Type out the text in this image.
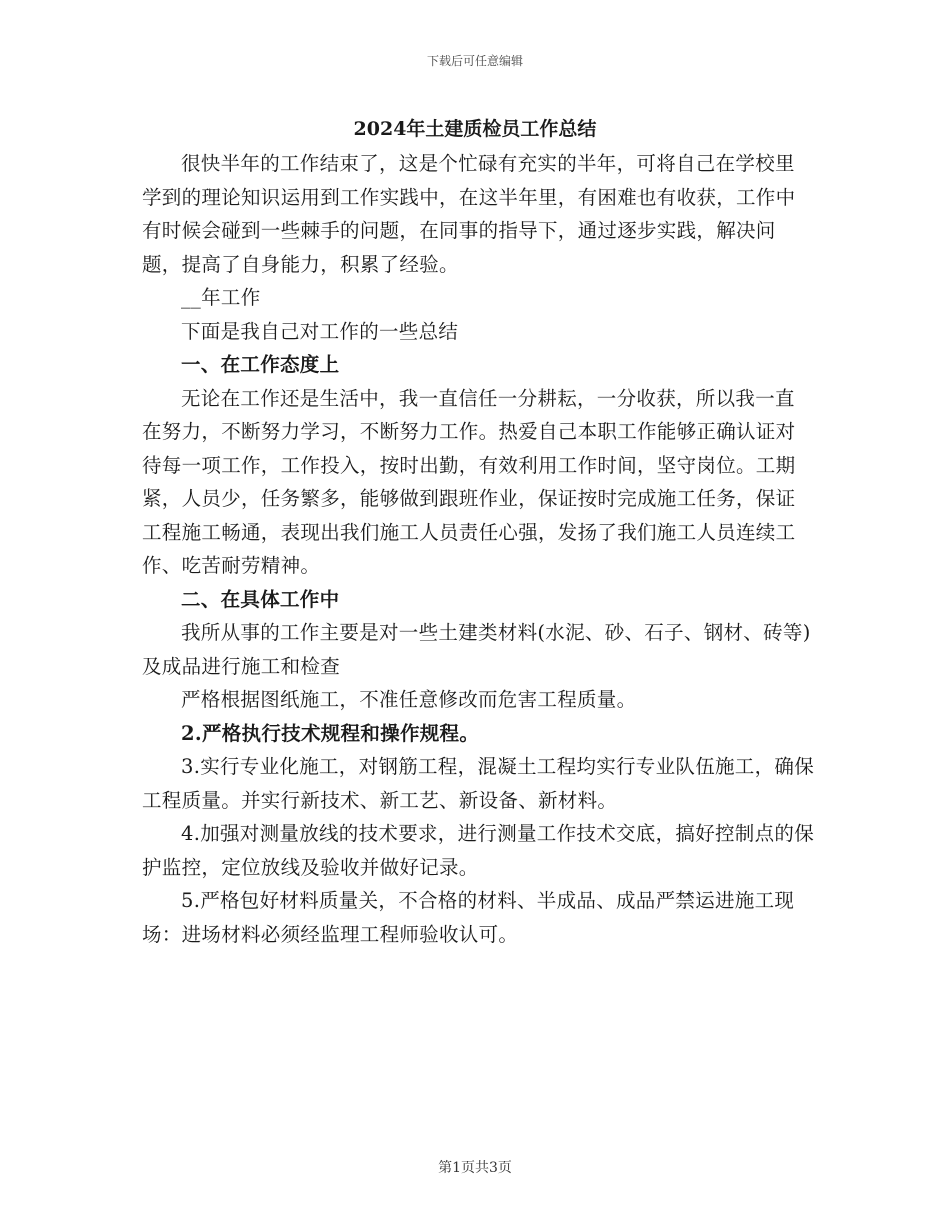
下载后可任意编辑
2024年土建质检员工作总结

很快半年的工作结束了，这是个忙碌有充实的半年，可将自己在学校里学到的理论知识运用到工作实践中，在这半年里，有困难也有收获，工作中有时候会碰到一些棘手的问题，在同事的指导下，通过逐步实践，解决问题，提高了自身能力，积累了经验。

__年工作

下面是我自己对工作的一些总结

一、在工作态度上

无论在工作还是生活中，我一直信任一分耕耘，一分收获，所以我一直在努力，不断努力学习，不断努力工作。热爱自己本职工作能够正确认证对待每一项工作，工作投入，按时出勤，有效利用工作时间，坚守岗位。工期紧，人员少，任务繁多，能够做到跟班作业，保证按时完成施工任务，保证工程施工畅通，表现出我们施工人员责任心强，发扬了我们施工人员连续工作、吃苦耐劳精神。

二、在具体工作中

我所从事的工作主要是对一些土建类材料(水泥、砂、石子、钢材、砖等)及成品进行施工和检查

严格根据图纸施工，不准任意修改而危害工程质量。

2.严格执行技术规程和操作规程。

3.实行专业化施工，对钢筋工程，混凝土工程均实行专业队伍施工，确保工程质量。并实行新技术、新工艺、新设备、新材料。

4.加强对测量放线的技术要求，进行测量工作技术交底，搞好控制点的保护监控，定位放线及验收并做好记录。

5.严格包好材料质量关，不合格的材料、半成品、成品严禁运进施工现场：进场材料必须经监理工程师验收认可。

第1页共3页
